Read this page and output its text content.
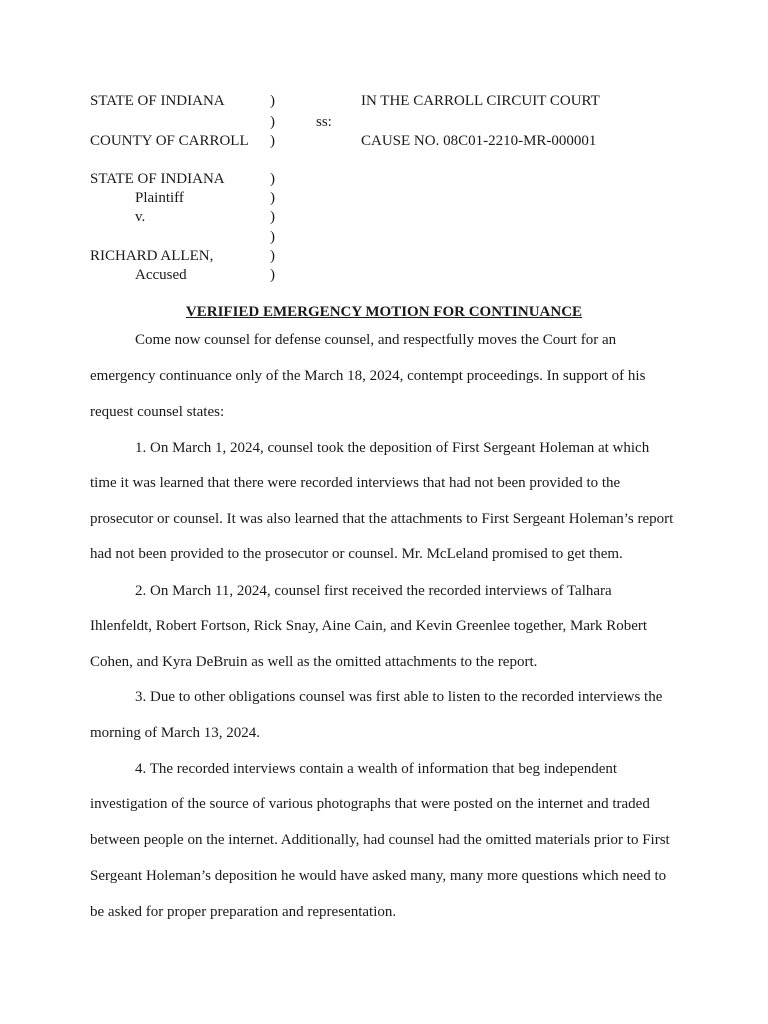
STATE OF INDIANA	)	IN THE CARROLL CIRCUIT COURT
)	ss:
COUNTY OF CARROLL )	CAUSE NO. 08C01-2210-MR-000001
STATE OF INDIANA	)
Plaintiff	)
v.	)
)
RICHARD ALLEN,	)
Accused	)
VERIFIED EMERGENCY MOTION FOR CONTINUANCE
Come now counsel for defense counsel, and respectfully moves the Court for an
emergency continuance only of the March 18, 2024, contempt proceedings. In support of his
request counsel states:
1. On March 1, 2024, counsel took the deposition of First Sergeant Holeman at which
time it was learned that there were recorded interviews that had not been provided to the
prosecutor or counsel. It was also learned that the attachments to First Sergeant Holeman’s report
had not been provided to the prosecutor or counsel. Mr. McLeland promised to get them.
2. On March 11, 2024, counsel first received the recorded interviews of Talhara
Ihlenfeldt, Robert Fortson, Rick Snay, Aine Cain, and Kevin Greenlee together, Mark Robert
Cohen, and Kyra DeBruin as well as the omitted attachments to the report.
3. Due to other obligations counsel was first able to listen to the recorded interviews the
morning of March 13, 2024.
4. The recorded interviews contain a wealth of information that beg independent
investigation of the source of various photographs that were posted on the internet and traded
between people on the internet. Additionally, had counsel had the omitted materials prior to First
Sergeant Holeman’s deposition he would have asked many, many more questions which need to
be asked for proper preparation and representation.
